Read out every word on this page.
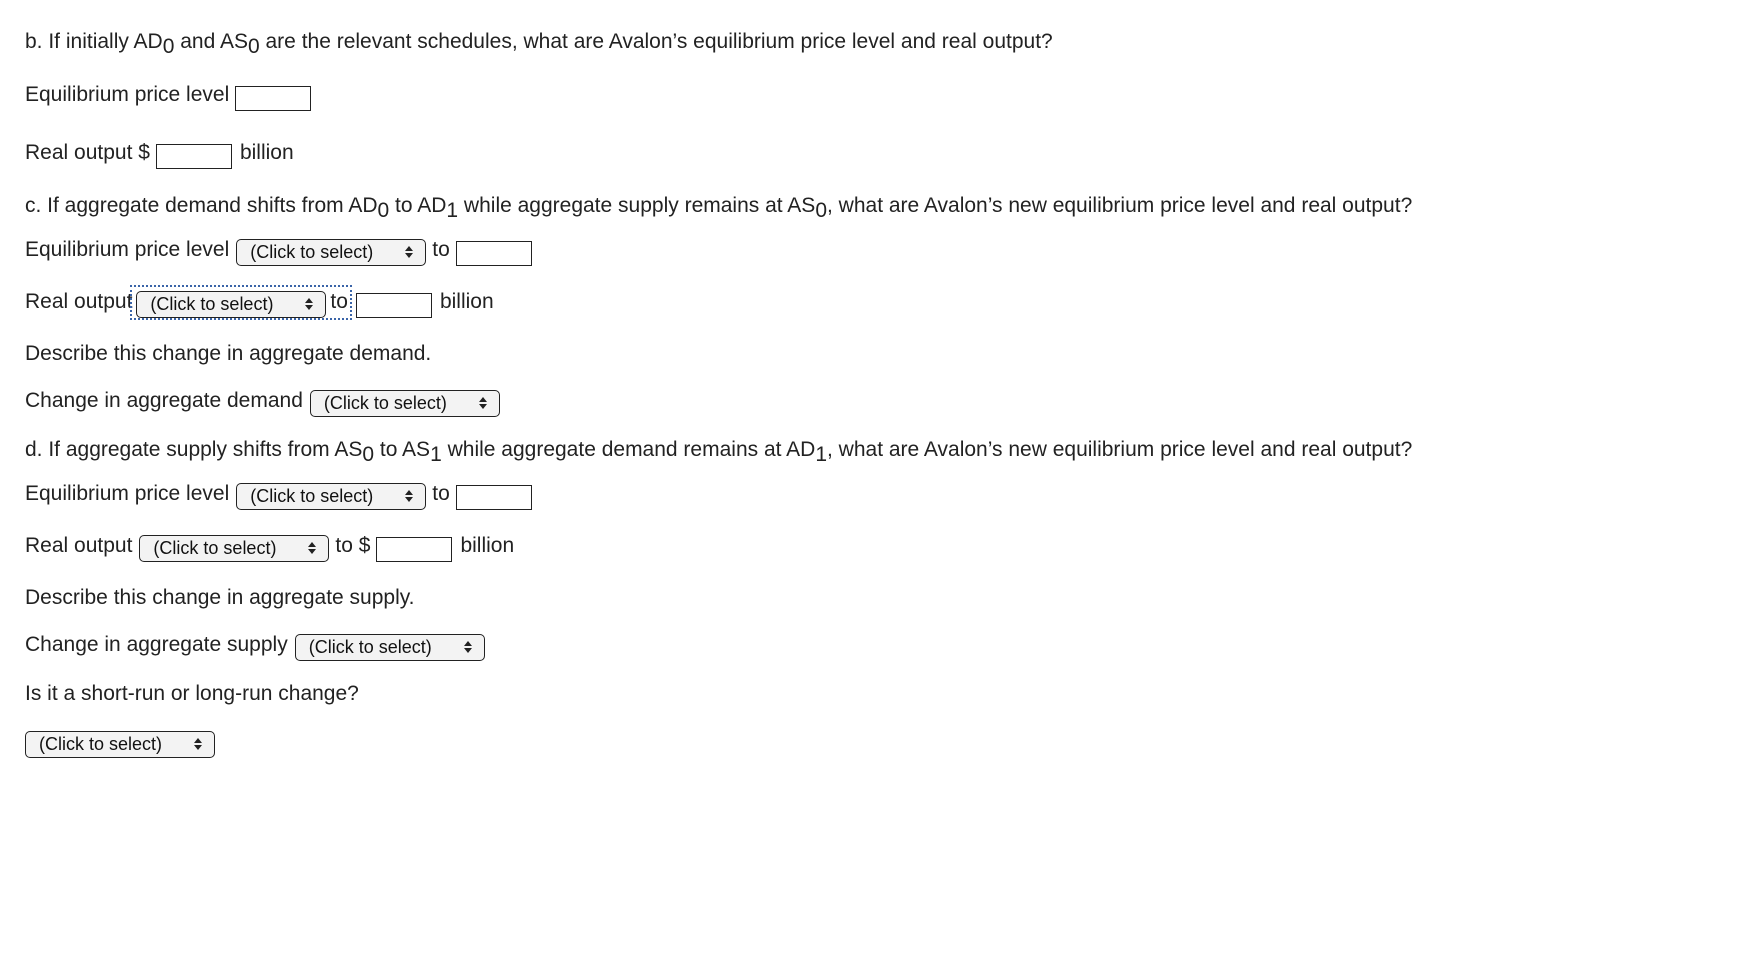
b. If initially $AD_0$ and $AS_0$ are the relevant schedules, what are Avalon’s equilibrium price level and real output?

Equilibrium price level
Real output $	billion

c. If aggregate demand shifts from $AD_0$ to $AD_1$ while aggregate supply remains at $AS_0$, what are Avalon’s new equilibrium price level and real output?

Equilibrium price level (Click to select)	to
Real output (Click to select)	to	billion
Describe this change in aggregate demand.
Change in aggregate demand (Click to select)

d. If aggregate supply shifts from $AS_0$ to $AS_1$ while aggregate demand remains at $AD_1$, what are Avalon’s new equilibrium price level and real output?

Equilibrium price level (Click to select)	to
Real output (Click to select)	to $	billion
Describe this change in aggregate supply.
Change in aggregate supply (Click to select)
Is it a short-run or long-run change?
(Click to select)
